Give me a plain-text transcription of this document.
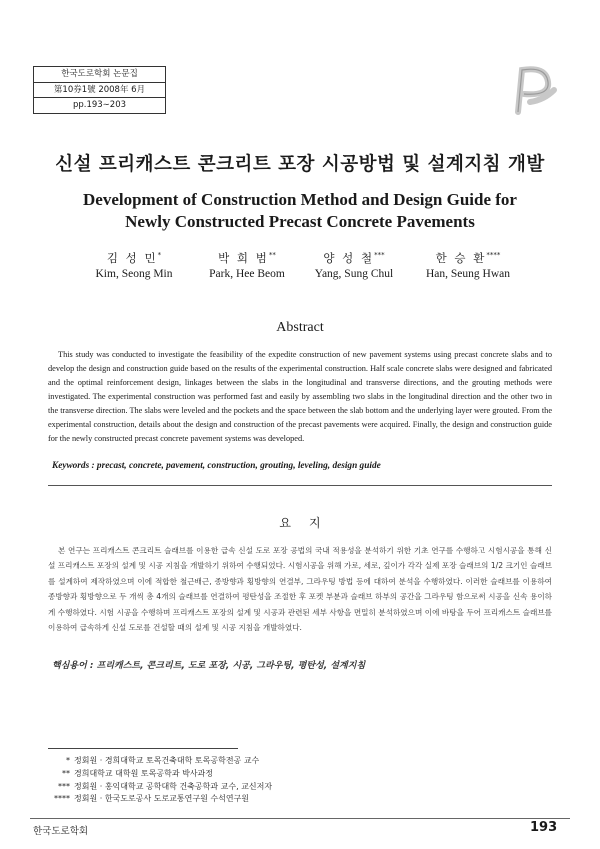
한국도로학회 논문집
第10券1號 2008年 6月
pp.193∼203
신설 프리캐스트 콘크리트 포장 시공방법 및 설계지침 개발
Development of Construction Method and Design Guide for
Newly Constructed Precast Concrete Pavements
김 성 민*
Kim, Seong Min
박 희 범**
Park, Hee Beom
양 성 철***
Yang, Sung Chul
한 승 환****
Han, Seung Hwan
Abstract
This study was conducted to investigate the feasibility of the expedite construction of new pavement systems using precast concrete slabs and to develop the design and construction guide based on the results of the experimental construction. Half scale concrete slabs were designed and fabricated and the optimal reinforcement design, linkages between the slabs in the longitudinal and transverse directions, and the grouting methods were investigated. The experimental construction was performed fast and easily by assembling two slabs in the longitudinal direction and the other two in the transverse direction. The slabs were leveled and the pockets and the space between the slab bottom and the underlying layer were grouted. From the experimental construction, details about the design and construction of the precast pavements were acquired. Finally, the design and construction guide for the newly constructed precast concrete pavement systems was developed.
Keywords : precast, concrete, pavement, construction, grouting, leveling, design guide
요지
본 연구는 프리캐스트 콘크리트 슬래브를 이용한 급속 신설 도로 포장 공법의 국내 적용성을 분석하기 위한 기초 연구를 수행하고 시험시공을 통해 신설 프리캐스트 포장의 설계 및 시공 지침을 개발하기 위하여 수행되었다. 시험시공을 위해 가로, 세로, 깊이가 각각 실제 포장 슬래브의 1/2 크기인 슬래브를 설계하여 제작하였으며 이에 적합한 철근배근, 종방향과 횡방향의 연결부, 그라우팅 방법 등에 대하여 분석을 수행하였다. 이러한 슬래브를 이용하여 종방향과 횡방향으로 두 개씩 총 4개의 슬래브를 연결하여 평탄성을 조절한 후 포켓 부분과 슬래브 하부의 공간을 그라우팅 함으로써 시공을 신속 용이하게 수행하였다. 시험 시공을 수행하며 프리캐스트 포장의 설계 및 시공과 관련된 세부 사항을 면밀히 분석하였으며 이에 바탕을 두어 프리캐스트 슬래브를 이용하여 급속하게 신설 도로를 건설할 때의 설계 및 시공 지침을 개발하였다.
핵심용어 : 프리캐스트, 콘크리트, 도로 포장, 시공, 그라우팅, 평탄성, 설계지침
* 정회원 · 경희대학교 토목건축대학 토목공학전공 교수
** 경희대학교 대학원 토목공학과 박사과정
*** 정회원 · 홍익대학교 공학대학 건축공학과 교수, 교신저자
**** 정회원 · 한국도로공사 도로교통연구원 수석연구원
한국도로학회	193
